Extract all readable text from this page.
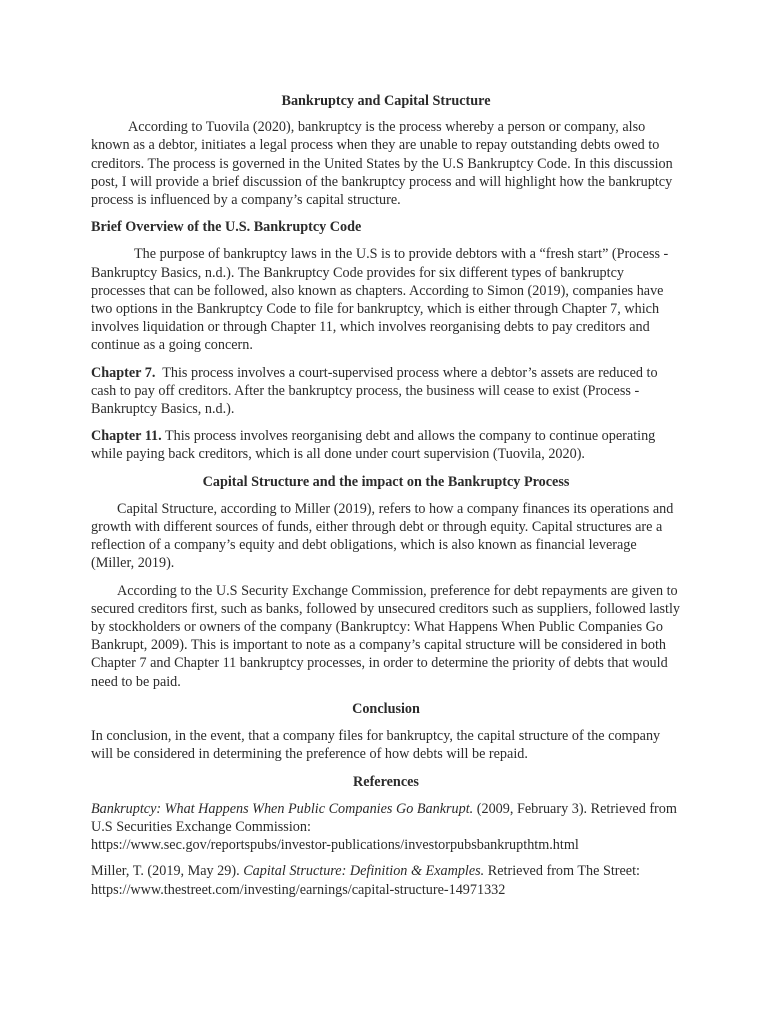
Bankruptcy and Capital Structure

According to Tuovila (2020), bankruptcy is the process whereby a person or company, also known as a debtor, initiates a legal process when they are unable to repay outstanding debts owed to creditors. The process is governed in the United States by the U.S Bankruptcy Code. In this discussion post, I will provide a brief discussion of the bankruptcy process and will highlight how the bankruptcy process is influenced by a company’s capital structure.

Brief Overview of the U.S. Bankruptcy Code

The purpose of bankruptcy laws in the U.S is to provide debtors with a “fresh start” (Process - Bankruptcy Basics, n.d.). The Bankruptcy Code provides for six different types of bankruptcy processes that can be followed, also known as chapters. According to Simon (2019), companies have two options in the Bankruptcy Code to file for bankruptcy, which is either through Chapter 7, which involves liquidation or through Chapter 11, which involves reorganising debts to pay creditors and continue as a going concern.

Chapter 7. This process involves a court-supervised process where a debtor’s assets are reduced to cash to pay off creditors. After the bankruptcy process, the business will cease to exist (Process - Bankruptcy Basics, n.d.).

Chapter 11. This process involves reorganising debt and allows the company to continue operating while paying back creditors, which is all done under court supervision (Tuovila, 2020).

Capital Structure and the impact on the Bankruptcy Process

Capital Structure, according to Miller (2019), refers to how a company finances its operations and growth with different sources of funds, either through debt or through equity. Capital structures are a reflection of a company’s equity and debt obligations, which is also known as financial leverage (Miller, 2019).

According to the U.S Security Exchange Commission, preference for debt repayments are given to secured creditors first, such as banks, followed by unsecured creditors such as suppliers, followed lastly by stockholders or owners of the company (Bankruptcy: What Happens When Public Companies Go Bankrupt, 2009). This is important to note as a company’s capital structure will be considered in both Chapter 7 and Chapter 11 bankruptcy processes, in order to determine the priority of debts that would need to be paid.

Conclusion

In conclusion, in the event, that a company files for bankruptcy, the capital structure of the company will be considered in determining the preference of how debts will be repaid.

References
Bankruptcy: What Happens When Public Companies Go Bankrupt. (2009, February 3). Retrieved from U.S Securities Exchange Commission:
https://www.sec.gov/reportspubs/investor-publications/investorpubsbankrupthtm.html
Miller, T. (2019, May 29). Capital Structure: Definition & Examples. Retrieved from The Street:
https://www.thestreet.com/investing/earnings/capital-structure-14971332
